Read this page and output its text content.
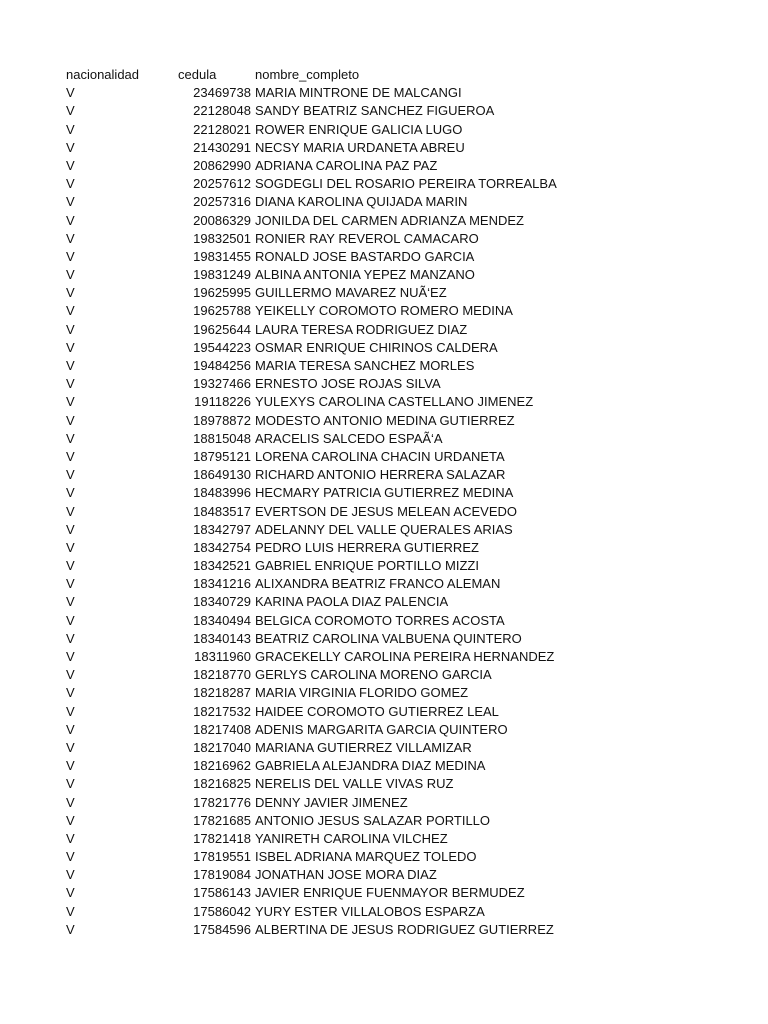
nacionalidad	cedula	nombre_completo
V	23469738 MARIA MINTRONE DE MALCANGI
V	22128048 SANDY BEATRIZ SANCHEZ FIGUEROA
V	22128021 ROWER ENRIQUE GALICIA LUGO
V	21430291 NECSY MARIA URDANETA ABREU
V	20862990 ADRIANA CAROLINA PAZ PAZ
V	20257612 SOGDEGLI DEL ROSARIO PEREIRA TORREALBA
V	20257316 DIANA KAROLINA QUIJADA MARIN
V	20086329 JONILDA DEL CARMEN ADRIANZA MENDEZ
V	19832501 RONIER RAY REVEROL CAMACARO
V	19831455 RONALD JOSE BASTARDO GARCIA
V	19831249 ALBINA ANTONIA YEPEZ MANZANO
V	19625995 GUILLERMO MAVAREZ NUÃ‘EZ
V	19625788 YEIKELLY COROMOTO ROMERO MEDINA
V	19625644 LAURA TERESA RODRIGUEZ DIAZ
V	19544223 OSMAR ENRIQUE CHIRINOS CALDERA
V	19484256 MARIA TERESA SANCHEZ MORLES
V	19327466 ERNESTO JOSE ROJAS SILVA
V	19118226 YULEXYS CAROLINA CASTELLANO JIMENEZ
V	18978872 MODESTO ANTONIO MEDINA GUTIERREZ
V	18815048 ARACELIS SALCEDO ESPAÃ‘A
V	18795121 LORENA CAROLINA CHACIN URDANETA
V	18649130 RICHARD ANTONIO HERRERA SALAZAR
V	18483996 HECMARY PATRICIA GUTIERREZ MEDINA
V	18483517 EVERTSON DE JESUS MELEAN ACEVEDO
V	18342797 ADELANNY DEL VALLE QUERALES ARIAS
V	18342754 PEDRO LUIS HERRERA GUTIERREZ
V	18342521 GABRIEL ENRIQUE PORTILLO MIZZI
V	18341216 ALIXANDRA BEATRIZ FRANCO ALEMAN
V	18340729 KARINA PAOLA DIAZ PALENCIA
V	18340494 BELGICA COROMOTO TORRES ACOSTA
V	18340143 BEATRIZ CAROLINA VALBUENA QUINTERO
V	18311960 GRACEKELLY CAROLINA PEREIRA HERNANDEZ
V	18218770 GERLYS CAROLINA MORENO GARCIA
V	18218287 MARIA VIRGINIA FLORIDO GOMEZ
V	18217532 HAIDEE COROMOTO GUTIERREZ LEAL
V	18217408 ADENIS MARGARITA GARCIA QUINTERO
V	18217040 MARIANA GUTIERREZ VILLAMIZAR
V	18216962 GABRIELA ALEJANDRA DIAZ MEDINA
V	18216825 NERELIS DEL VALLE VIVAS RUZ
V	17821776 DENNY JAVIER JIMENEZ
V	17821685 ANTONIO JESUS SALAZAR PORTILLO
V	17821418 YANIRETH CAROLINA VILCHEZ
V	17819551 ISBEL ADRIANA MARQUEZ TOLEDO
V	17819084 JONATHAN JOSE MORA DIAZ
V	17586143 JAVIER ENRIQUE FUENMAYOR BERMUDEZ
V	17586042 YURY ESTER VILLALOBOS ESPARZA
V	17584596 ALBERTINA DE JESUS RODRIGUEZ GUTIERREZ
